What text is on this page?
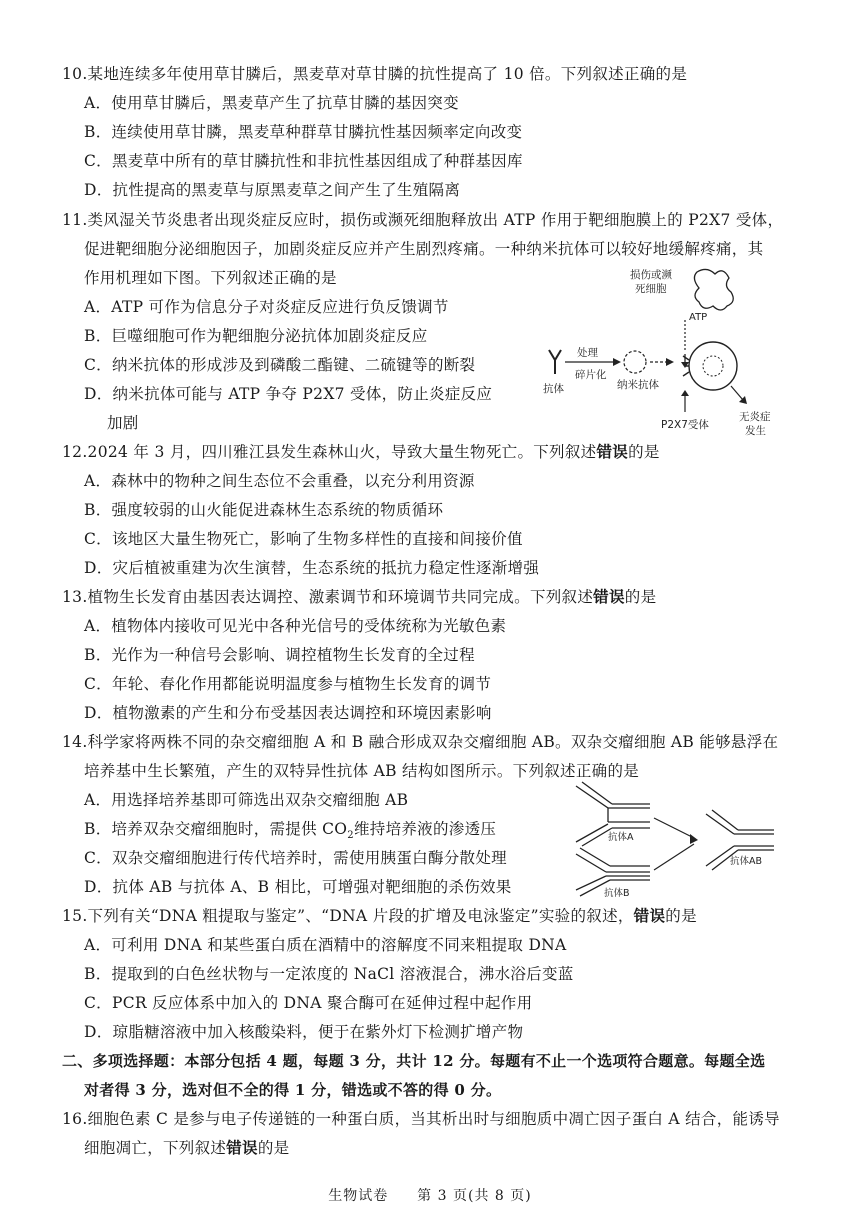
10.某地连续多年使用草甘膦后，黑麦草对草甘膦的抗性提高了 10 倍。下列叙述正确的是
A．使用草甘膦后，黑麦草产生了抗草甘膦的基因突变
B．连续使用草甘膦，黑麦草种群草甘膦抗性基因频率定向改变
C．黑麦草中所有的草甘膦抗性和非抗性基因组成了种群基因库
D．抗性提高的黑麦草与原黑麦草之间产生了生殖隔离
11.类风湿关节炎患者出现炎症反应时，损伤或濒死细胞释放出 ATP 作用于靶细胞膜上的 P2X7 受体，
促进靶细胞分泌细胞因子，加剧炎症反应并产生剧烈疼痛。一种纳米抗体可以较好地缓解疼痛，其
作用机理如下图。下列叙述正确的是
A．ATP 可作为信息分子对炎症反应进行负反馈调节
B．巨噬细胞可作为靶细胞分泌抗体加剧炎症反应
C．纳米抗体的形成涉及到磷酸二酯键、二硫键等的断裂
D．纳米抗体可能与 ATP 争夺 P2X7 受体，防止炎症反应
加剧
损伤或濒
死细胞
ATP
抗体
处理
碎片化
纳米抗体
P2X7受体
无炎症
发生
12.2024 年 3 月，四川雅江县发生森林山火，导致大量生物死亡。下列叙述错误的是
A．森林中的物种之间生态位不会重叠，以充分利用资源
B．强度较弱的山火能促进森林生态系统的物质循环
C．该地区大量生物死亡，影响了生物多样性的直接和间接价值
D．灾后植被重建为次生演替，生态系统的抵抗力稳定性逐渐增强
13.植物生长发育由基因表达调控、激素调节和环境调节共同完成。下列叙述错误的是
A．植物体内接收可见光中各种光信号的受体统称为光敏色素
B．光作为一种信号会影响、调控植物生长发育的全过程
C．年轮、春化作用都能说明温度参与植物生长发育的调节
D．植物激素的产生和分布受基因表达调控和环境因素影响
14.科学家将两株不同的杂交瘤细胞 A 和 B 融合形成双杂交瘤细胞 AB。双杂交瘤细胞 AB 能够悬浮在
培养基中生长繁殖，产生的双特异性抗体 AB 结构如图所示。下列叙述正确的是
A．用选择培养基即可筛选出双杂交瘤细胞 AB
B．培养双杂交瘤细胞时，需提供 $CO_2$维持培养液的渗透压
C．双杂交瘤细胞进行传代培养时，需使用胰蛋白酶分散处理
D．抗体 AB 与抗体 A、B 相比，可增强对靶细胞的杀伤效果
抗体A
抗体B
抗体AB
15.下列有关“DNA 粗提取与鉴定”、“DNA 片段的扩增及电泳鉴定”实验的叙述，错误的是
A．可利用 DNA 和某些蛋白质在酒精中的溶解度不同来粗提取 DNA
B．提取到的白色丝状物与一定浓度的 NaCl 溶液混合，沸水浴后变蓝
C．PCR 反应体系中加入的 DNA 聚合酶可在延伸过程中起作用
D．琼脂糖溶液中加入核酸染料，便于在紫外灯下检测扩增产物
二、多项选择题：本部分包括 4 题，每题 3 分，共计 12 分。每题有不止一个选项符合题意。每题全选
对者得 3 分，选对但不全的得 1 分，错选或不答的得 0 分。
16.细胞色素 C 是参与电子传递链的一种蛋白质，当其析出时与细胞质中凋亡因子蛋白 A 结合，能诱导
细胞凋亡，下列叙述错误的是
生物试卷 第 3 页(共 8 页)
